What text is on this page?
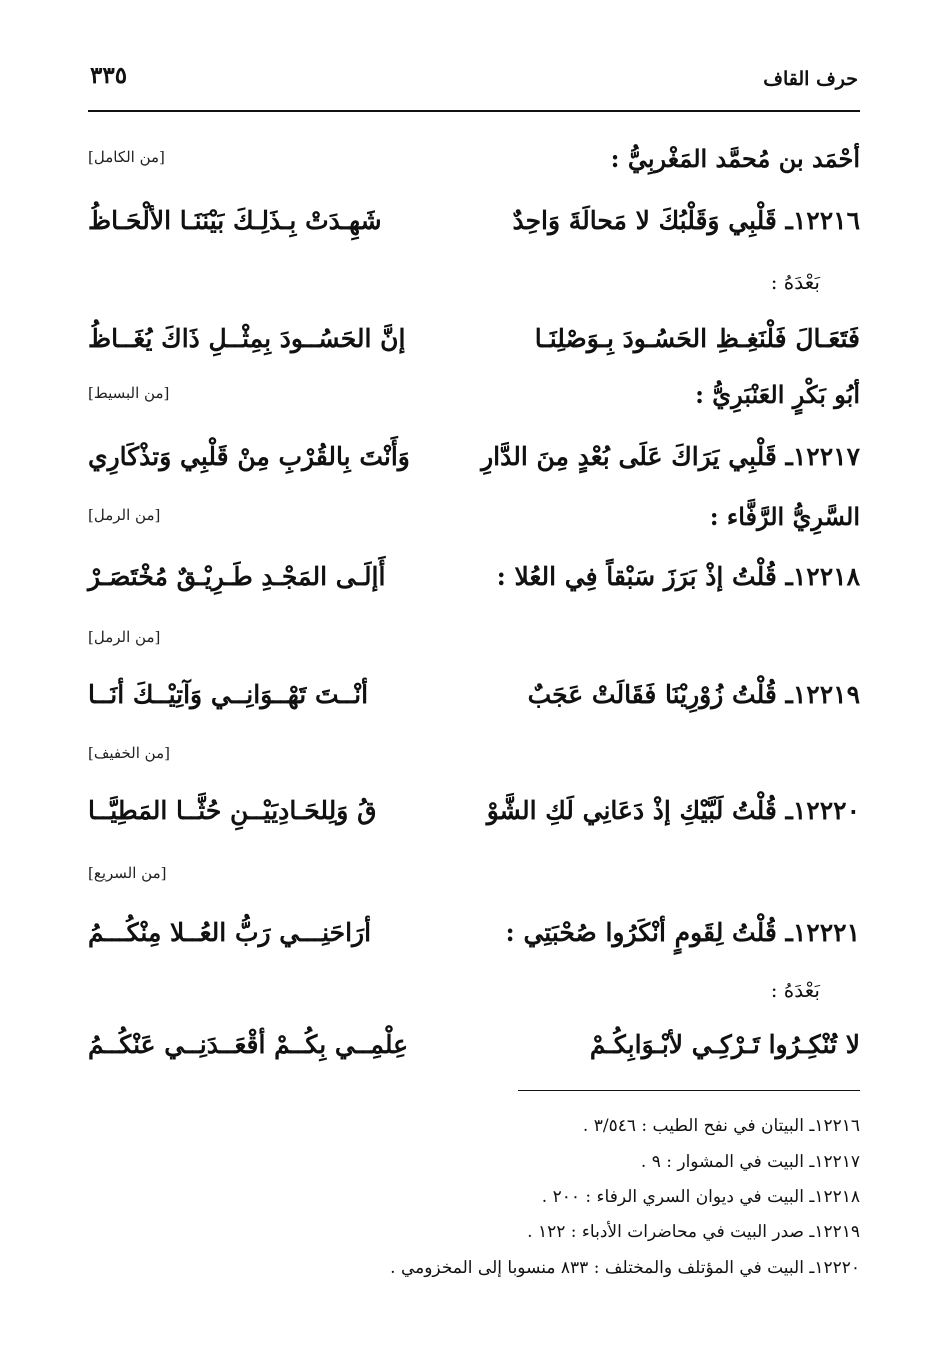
حرف القاف
٣٣٥
أحْمَد بن مُحمَّد المَغْربِيُّ :
[من الكامل]
١٢٢١٦ـ قَلْبِي وَقَلْبُكَ لا مَحالَةَ وَاحِدٌ
شَهِـدَتْ بِـذَلِـكَ بَيْنَنَـا الألْحَـاظُ
بَعْدَهُ :
فَتَعَـالَ فَلْنَغِـظِ الحَسُـودَ بِـوَصْلِنَـا
إنَّ الحَسُــودَ بِمِثْــلِ ذَاكَ يُغَــاظُ
أبُو بَكْرٍ العَنْبَرِيُّ :
[من البسيط]
١٢٢١٧ـ قَلْبِي يَرَاكَ عَلَى بُعْدٍ مِنَ الدَّارِ
وَأَنْتَ بِالقُرْبِ مِنْ قَلْبِي وَتذْكَارِي
السَّرِيُّ الرَّفَّاء :
[من الرمل]
١٢٢١٨ـ قُلْتُ إذْ بَرَزَ سَبْقاً فِي العُلا :
أَإلَـى المَجْـدِ طَـرِيْـقٌ مُخْتَصَـرْ
[من الرمل]
١٢٢١٩ـ قُلْتُ زُوْرِيْنَا فَقَالَتْ عَجَبٌ
أنْــتَ تَهْــوَانِــي وَآتِيْــكَ أنَــا
[من الخفيف]
١٢٢٢٠ـ قُلْتُ لَبَّيْكِ إذْ دَعَانِي لَكِ الشَّوْ
قُ وَلِلحَـادِيَيْــنِ حُثَّــا المَطِيَّــا
[من السريع]
١٢٢٢١ـ قُلْتُ لِقَومٍ أنْكَرُوا صُحْبَتِي :
أرَاحَنِـــي رَبُّ العُــلا مِنْكُـــمُ
بَعْدَهُ :
لا تُنْكِـرُوا تَـرْكِـي لأبْـوَابِكُـمْ
عِلْمِــي بِكُــمْ أقْعَــدَنِــي عَنْكُــمُ
١٢٢١٦ـ البيتان في نفح الطيب : ٣/٥٤٦ .
١٢٢١٧ـ البيت في المشوار : ٩ .
١٢٢١٨ـ البيت في ديوان السري الرفاء : ٢٠٠ .
١٢٢١٩ـ صدر البيت في محاضرات الأدباء : ١٢٢ .
١٢٢٢٠ـ البيت في المؤتلف والمختلف : ٨٣٣ منسوبا إلى المخزومي .
